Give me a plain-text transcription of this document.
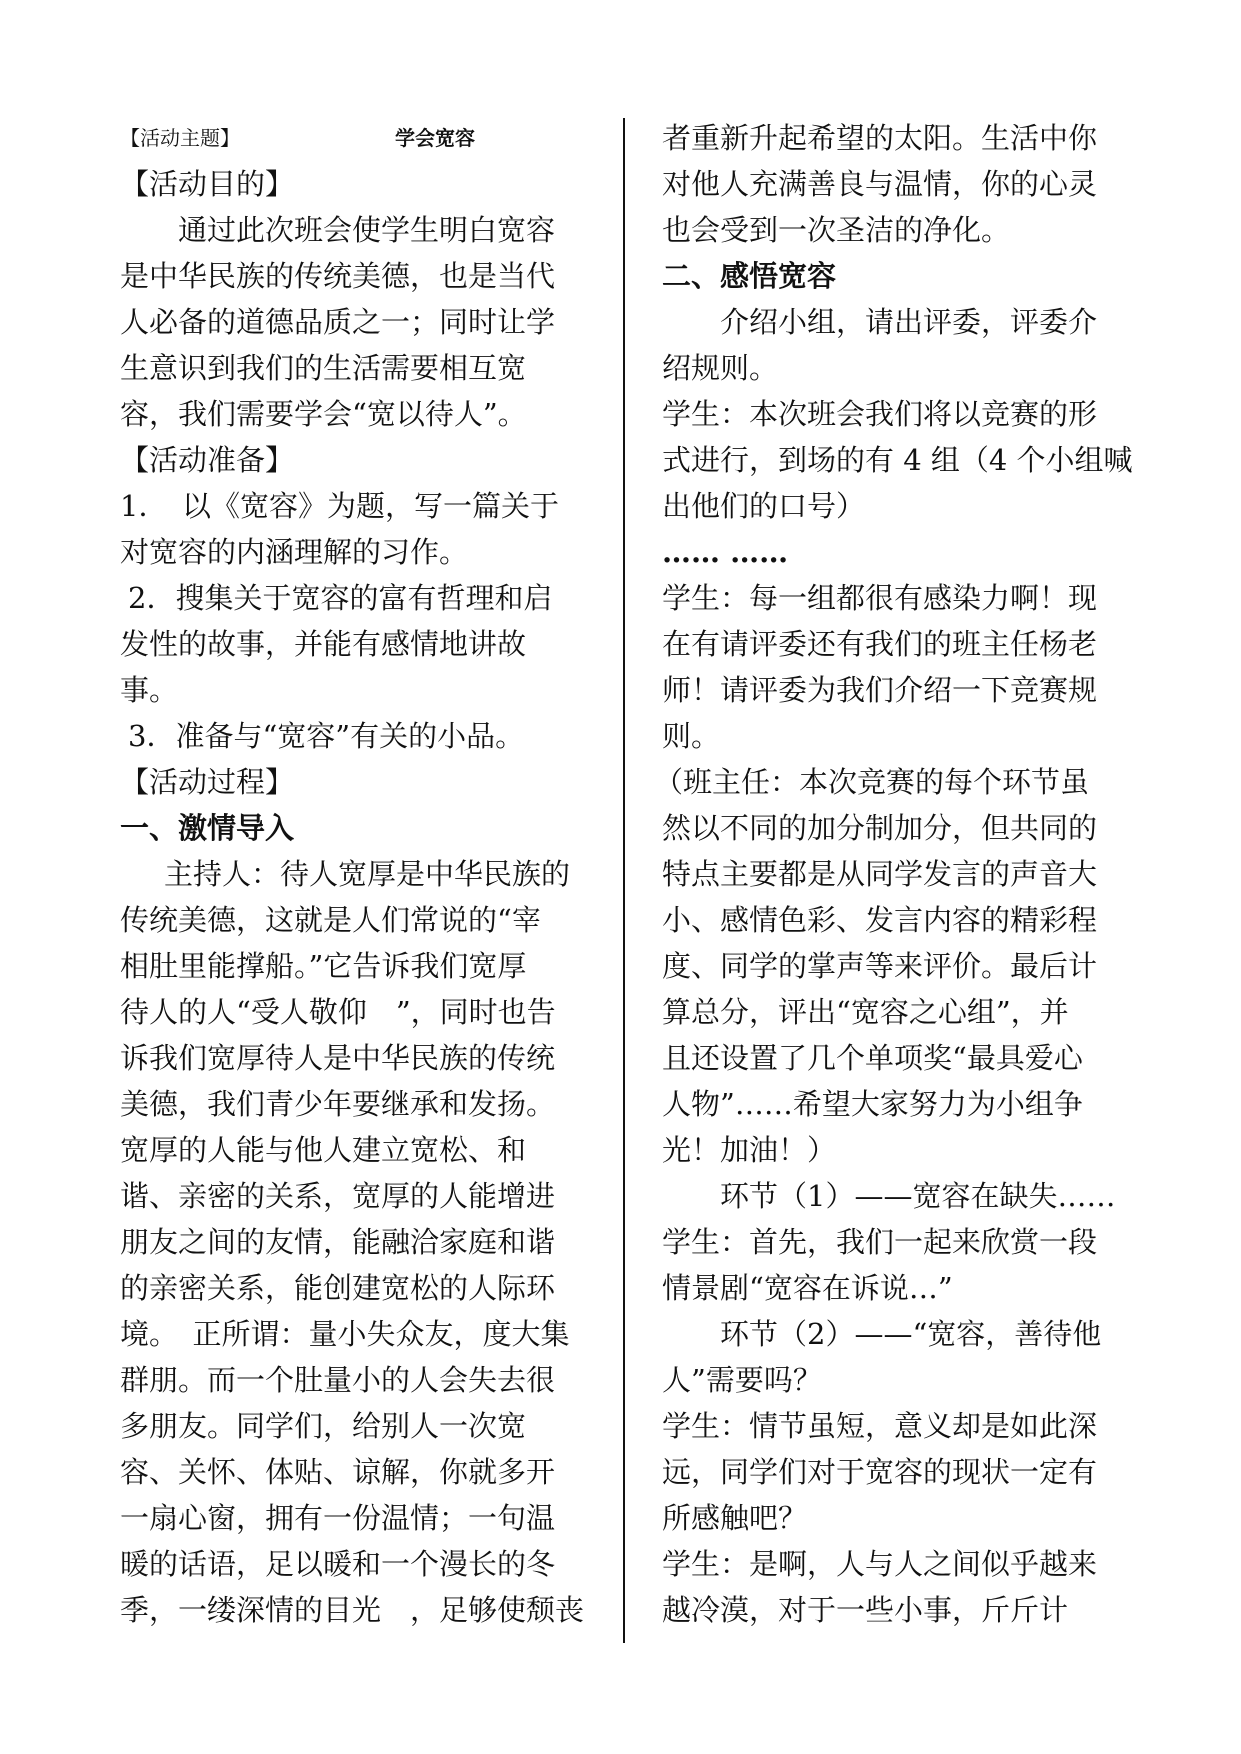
【活动主题】	学会宽容
【活动目的】
通过此次班会使学生明白宽容
是中华民族的传统美德，也是当代
人必备的道德品质之一；同时让学
生意识到我们的生活需要相互宽
容，我们需要学会“宽以待人”。
【活动准备】
1．　以《宽容》为题，写一篇关于
对宽容的内涵理解的习作。
2．搜集关于宽容的富有哲理和启
发性的故事，并能有感情地讲故
事。
3．准备与“宽容”有关的小品。
【活动过程】
一、激情导入
主持人：待人宽厚是中华民族的
传统美德，这就是人们常说的“宰
相肚里能撑船。”它告诉我们宽厚
待人的人“受人敬仰　”，同时也告
诉我们宽厚待人是中华民族的传统
美德，我们青少年要继承和发扬。
宽厚的人能与他人建立宽松、和
谐、亲密的关系，宽厚的人能增进
朋友之间的友情，能融洽家庭和谐
的亲密关系，能创建宽松的人际环
境。　正所谓：量小失众友，度大集
群朋。而一个肚量小的人会失去很
多朋友。同学们，给别人一次宽
容、关怀、体贴、谅解，你就多开
一扇心窗，拥有一份温情；一句温
暖的话语，足以暖和一个漫长的冬
季，一缕深情的目光　，足够使颓丧
者重新升起希望的太阳。生活中你
对他人充满善良与温情，你的心灵
也会受到一次圣洁的净化。
二、感悟宽容
介绍小组，请出评委，评委介
绍规则。
学生：本次班会我们将以竞赛的形
式进行，到场的有 4 组（4 个小组喊
出他们的口号）
…… ……
学生：每一组都很有感染力啊！现
在有请评委还有我们的班主任杨老
师！请评委为我们介绍一下竞赛规
则。
（班主任：本次竞赛的每个环节虽
然以不同的加分制加分，但共同的
特点主要都是从同学发言的声音大
小、感情色彩、发言内容的精彩程
度、同学的掌声等来评价。最后计
算总分，评出“宽容之心组”，并
且还设置了几个单项奖“最具爱心
人物”……希望大家努力为小组争
光！加油！）
环节（1）——宽容在缺失……
学生：首先，我们一起来欣赏一段
情景剧“宽容在诉说…”
环节（2）——“宽容，善待他
人”需要吗？
学生：情节虽短，意义却是如此深
远，同学们对于宽容的现状一定有
所感触吧？
学生：是啊，人与人之间似乎越来
越冷漠，对于一些小事，斤斤计
